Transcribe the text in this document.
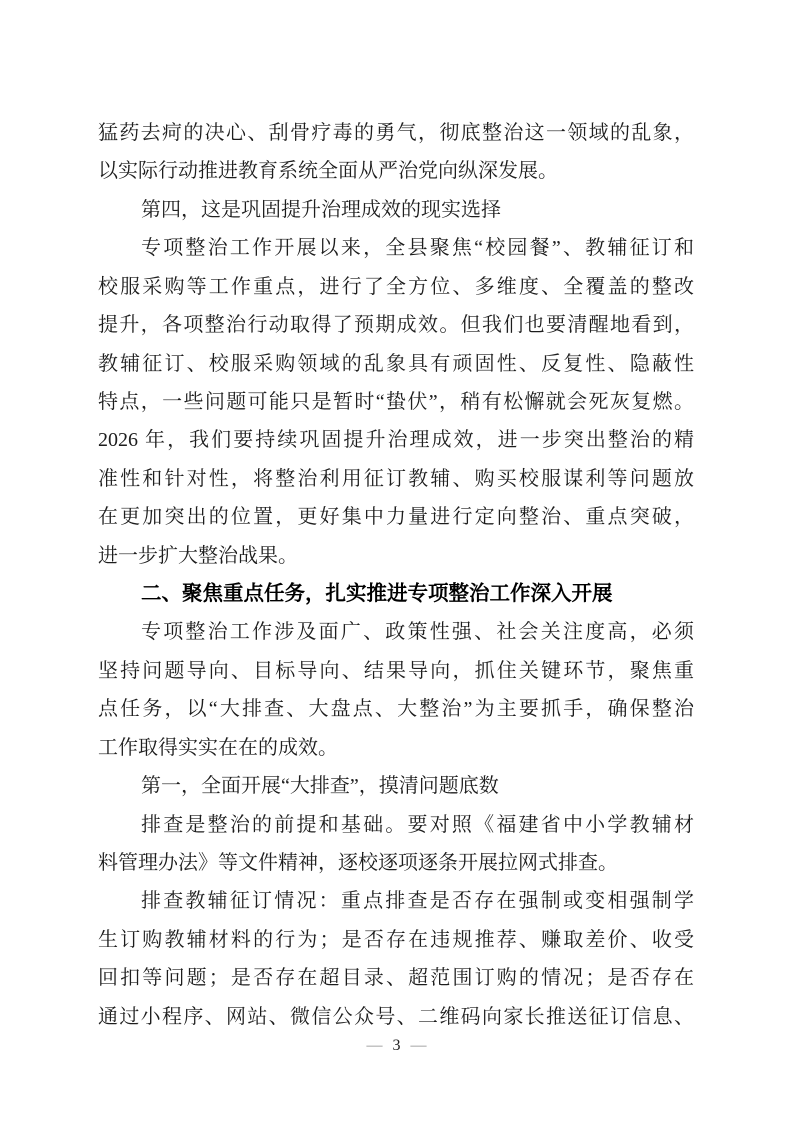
猛药去疴的决心、刮骨疗毒的勇气，彻底整治这一领域的乱象，
以实际行动推进教育系统全面从严治党向纵深发展。
第四，这是巩固提升治理成效的现实选择
专项整治工作开展以来，全县聚焦“校园餐”、教辅征订和
校服采购等工作重点，进行了全方位、多维度、全覆盖的整改
提升，各项整治行动取得了预期成效。但我们也要清醒地看到，
教辅征订、校服采购领域的乱象具有顽固性、反复性、隐蔽性
特点，一些问题可能只是暂时“蛰伏”，稍有松懈就会死灰复燃。
2026 年，我们要持续巩固提升治理成效，进一步突出整治的精
准性和针对性，将整治利用征订教辅、购买校服谋利等问题放
在更加突出的位置，更好集中力量进行定向整治、重点突破，
进一步扩大整治战果。
二、聚焦重点任务，扎实推进专项整治工作深入开展
专项整治工作涉及面广、政策性强、社会关注度高，必须
坚持问题导向、目标导向、结果导向，抓住关键环节，聚焦重
点任务，以“大排查、大盘点、大整治”为主要抓手，确保整治
工作取得实实在在的成效。
第一，全面开展“大排查”，摸清问题底数
排查是整治的前提和基础。要对照《福建省中小学教辅材
料管理办法》等文件精神，逐校逐项逐条开展拉网式排查。
排查教辅征订情况：重点排查是否存在强制或变相强制学
生订购教辅材料的行为；是否存在违规推荐、赚取差价、收受
回扣等问题；是否存在超目录、超范围订购的情况；是否存在
通过小程序、网站、微信公众号、二维码向家长推送征订信息、
— 3 —
